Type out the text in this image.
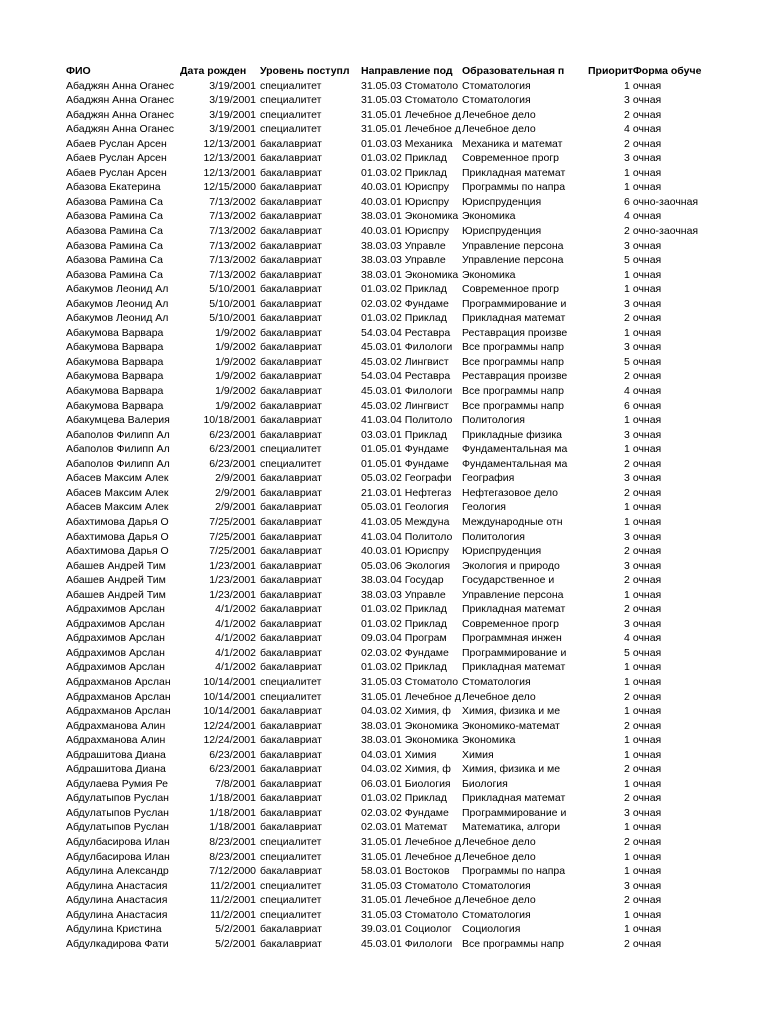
ФИО	Дата рожден	Уровень поступл	Направление под	Образовательная п	Приорит	Форма обуче
Абаджян Анна Оганес	3/19/2001	специалитет	31.05.03 Стоматоло	Стоматология	1	очная
Абаджян Анна Оганес	3/19/2001	специалитет	31.05.03 Стоматоло	Стоматология	3	очная
Абаджян Анна Оганес	3/19/2001	специалитет	31.05.01 Лечебное д	Лечебное дело	2	очная
Абаджян Анна Оганес	3/19/2001	специалитет	31.05.01 Лечебное д	Лечебное дело	4	очная
Абаев Руслан Арсен	12/13/2001	бакалавриат	01.03.03 Механика	Механика и математ	2	очная
Абаев Руслан Арсен	12/13/2001	бакалавриат	01.03.02 Приклад	Современное прогр	3	очная
Абаев Руслан Арсен	12/13/2001	бакалавриат	01.03.02 Приклад	Прикладная математ	1	очная
Абазова Екатерина	12/15/2000	бакалавриат	40.03.01 Юриспру	Программы по напра	1	очная
Абазова Рамина Са	7/13/2002	бакалавриат	40.03.01 Юриспру	Юриспруденция	6	очно-заочная
Абазова Рамина Са	7/13/2002	бакалавриат	38.03.01 Экономика	Экономика	4	очная
Абазова Рамина Са	7/13/2002	бакалавриат	40.03.01 Юриспру	Юриспруденция	2	очно-заочная
Абазова Рамина Са	7/13/2002	бакалавриат	38.03.03 Управле	Управление персона	3	очная
Абазова Рамина Са	7/13/2002	бакалавриат	38.03.03 Управле	Управление персона	5	очная
Абазова Рамина Са	7/13/2002	бакалавриат	38.03.01 Экономика	Экономика	1	очная
Абакумов Леонид Ал	5/10/2001	бакалавриат	01.03.02 Приклад	Современное прогр	1	очная
Абакумов Леонид Ал	5/10/2001	бакалавриат	02.03.02 Фундаме	Программирование и	3	очная
Абакумов Леонид Ал	5/10/2001	бакалавриат	01.03.02 Приклад	Прикладная математ	2	очная
Абакумова Варвара	1/9/2002	бакалавриат	54.03.04 Реставра	Реставрация произве	1	очная
Абакумова Варвара	1/9/2002	бакалавриат	45.03.01 Филологи	Все программы напр	3	очная
Абакумова Варвара	1/9/2002	бакалавриат	45.03.02 Лингвист	Все программы напр	5	очная
Абакумова Варвара	1/9/2002	бакалавриат	54.03.04 Реставра	Реставрация произве	2	очная
Абакумова Варвара	1/9/2002	бакалавриат	45.03.01 Филологи	Все программы напр	4	очная
Абакумова Варвара	1/9/2002	бакалавриат	45.03.02 Лингвист	Все программы напр	6	очная
Абакумцева Валерия	10/18/2001	бакалавриат	41.03.04 Политоло	Политология	1	очная
Абаполов Филипп Ал	6/23/2001	бакалавриат	03.03.01 Приклад	Прикладные физика	3	очная
Абаполов Филипп Ал	6/23/2001	специалитет	01.05.01 Фундаме	Фундаментальная ма	1	очная
Абаполов Филипп Ал	6/23/2001	специалитет	01.05.01 Фундаме	Фундаментальная ма	2	очная
Абасев Максим Алек	2/9/2001	бакалавриат	05.03.02 Географи	География	3	очная
Абасев Максим Алек	2/9/2001	бакалавриат	21.03.01 Нефтегаз	Нефтегазовое дело	2	очная
Абасев Максим Алек	2/9/2001	бакалавриат	05.03.01 Геология	Геология	1	очная
Абахтимова Дарья О	7/25/2001	бакалавриат	41.03.05 Междуна	Международные отн	1	очная
Абахтимова Дарья О	7/25/2001	бакалавриат	41.03.04 Политоло	Политология	3	очная
Абахтимова Дарья О	7/25/2001	бакалавриат	40.03.01 Юриспру	Юриспруденция	2	очная
Абашев Андрей Тим	1/23/2001	бакалавриат	05.03.06 Экология	Экология и природо	3	очная
Абашев Андрей Тим	1/23/2001	бакалавриат	38.03.04 Государ	Государственное и	2	очная
Абашев Андрей Тим	1/23/2001	бакалавриат	38.03.03 Управле	Управление персона	1	очная
Абдрахимов Арслан	4/1/2002	бакалавриат	01.03.02 Приклад	Прикладная математ	2	очная
Абдрахимов Арслан	4/1/2002	бакалавриат	01.03.02 Приклад	Современное прогр	3	очная
Абдрахимов Арслан	4/1/2002	бакалавриат	09.03.04 Програм	Программная инжен	4	очная
Абдрахимов Арслан	4/1/2002	бакалавриат	02.03.02 Фундаме	Программирование и	5	очная
Абдрахимов Арслан	4/1/2002	бакалавриат	01.03.02 Приклад	Прикладная математ	1	очная
Абдрахманов Арслан	10/14/2001	специалитет	31.05.03 Стоматоло	Стоматология	1	очная
Абдрахманов Арслан	10/14/2001	специалитет	31.05.01 Лечебное д	Лечебное дело	2	очная
Абдрахманов Арслан	10/14/2001	бакалавриат	04.03.02 Химия, ф	Химия, физика и ме	1	очная
Абдрахманова Алин	12/24/2001	бакалавриат	38.03.01 Экономика	Экономико-математ	2	очная
Абдрахманова Алин	12/24/2001	бакалавриат	38.03.01 Экономика	Экономика	1	очная
Абдрашитова Диана	6/23/2001	бакалавриат	04.03.01 Химия	Химия	1	очная
Абдрашитова Диана	6/23/2001	бакалавриат	04.03.02 Химия, ф	Химия, физика и ме	2	очная
Абдулаева Румия Ре	7/8/2001	бакалавриат	06.03.01 Биология	Биология	1	очная
Абдулатыпов Руслан	1/18/2001	бакалавриат	01.03.02 Приклад	Прикладная математ	2	очная
Абдулатыпов Руслан	1/18/2001	бакалавриат	02.03.02 Фундаме	Программирование и	3	очная
Абдулатыпов Руслан	1/18/2001	бакалавриат	02.03.01 Математ	Математика, алгори	1	очная
Абдулбасирова Илан	8/23/2001	специалитет	31.05.01 Лечебное д	Лечебное дело	2	очная
Абдулбасирова Илан	8/23/2001	специалитет	31.05.01 Лечебное д	Лечебное дело	1	очная
Абдулина Александр	7/12/2000	бакалавриат	58.03.01 Востоков	Программы по напра	1	очная
Абдулина Анастасия	11/2/2001	специалитет	31.05.03 Стоматоло	Стоматология	3	очная
Абдулина Анастасия	11/2/2001	специалитет	31.05.01 Лечебное д	Лечебное дело	2	очная
Абдулина Анастасия	11/2/2001	специалитет	31.05.03 Стоматоло	Стоматология	1	очная
Абдулина Кристина	5/2/2001	бакалавриат	39.03.01 Социолог	Социология	1	очная
Абдулкадирова Фати	5/2/2001	бакалавриат	45.03.01 Филологи	Все программы напр	2	очная
